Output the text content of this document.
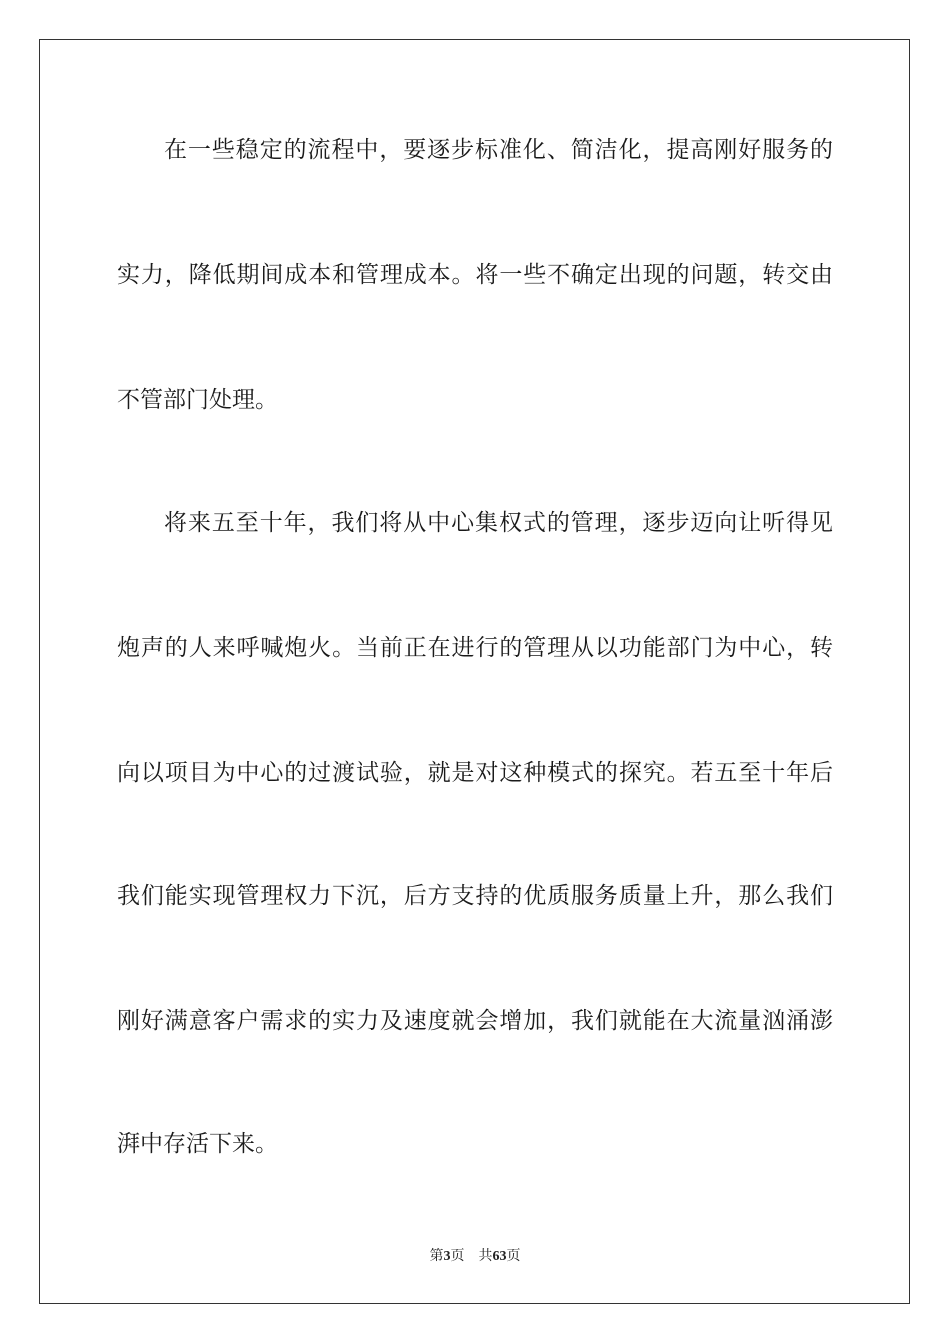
在一些稳定的流程中，要逐步标准化、简洁化，提高刚好服务的
实力，降低期间成本和管理成本。将一些不确定出现的问题，转交由
不管部门处理。
将来五至十年，我们将从中心集权式的管理，逐步迈向让听得见
炮声的人来呼喊炮火。当前正在进行的管理从以功能部门为中心，转
向以项目为中心的过渡试验，就是对这种模式的探究。若五至十年后
我们能实现管理权力下沉，后方支持的优质服务质量上升，那么我们
刚好满意客户需求的实力及速度就会增加，我们就能在大流量汹涌澎
湃中存活下来。
第3页 共63页
